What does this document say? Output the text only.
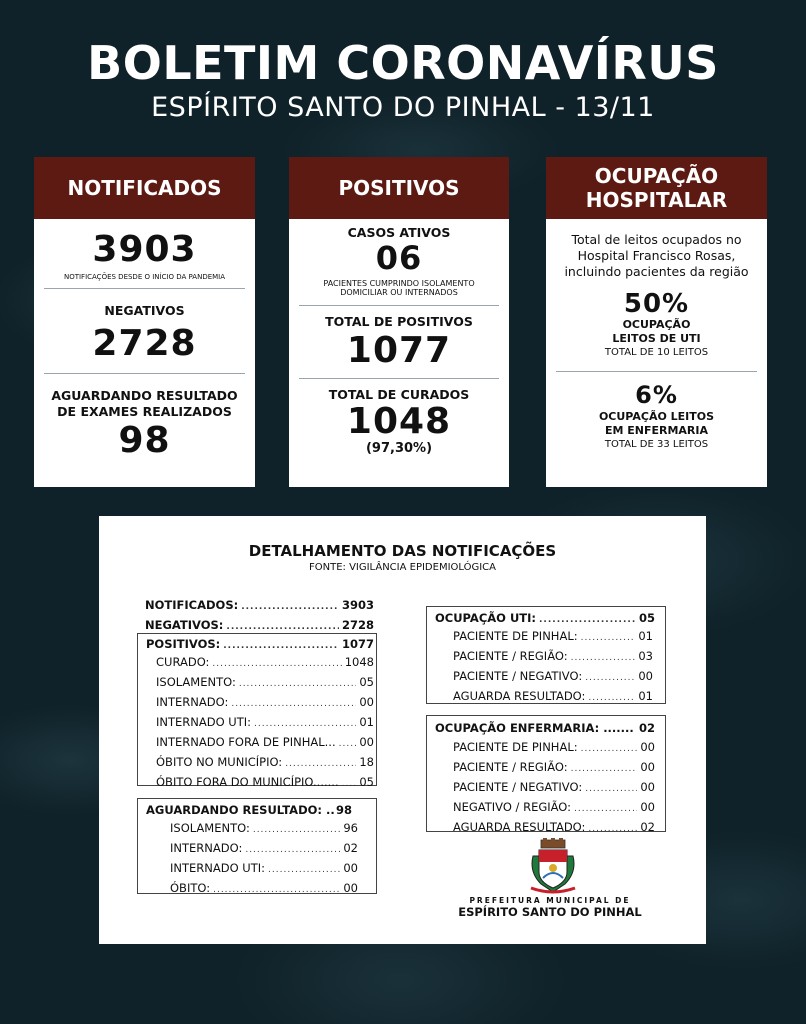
BOLETIM CORONAVÍRUS
ESPÍRITO SANTO DO PINHAL - 13/11
NOTIFICADOS
3903
NOTIFICAÇÕES DESDE O INÍCIO DA PANDEMIA
NEGATIVOS
2728
AGUARDANDO RESULTADO
DE EXAMES REALIZADOS
98
POSITIVOS
CASOS ATIVOS
06
PACIENTES CUMPRINDO ISOLAMENTO
DOMICILIAR OU INTERNADOS
TOTAL DE POSITIVOS
1077
TOTAL DE CURADOS
1048
(97,30%)
OCUPAÇÃO
HOSPITALAR
Total de leitos ocupados no
Hospital Francisco Rosas,
incluindo pacientes da região
50%
OCUPAÇÃO
LEITOS DE UTI
TOTAL DE 10 LEITOS
6%
OCUPAÇÃO LEITOS
EM ENFERMARIA
TOTAL DE 33 LEITOS
DETALHAMENTO DAS NOTIFICAÇÕES
FONTE: VIGILÂNCIA EPIDEMIOLÓGICA
NOTIFICADOS: .....	3903
NEGATIVOS: .....	2728
POSITIVOS: .....	1077
CURADO: .....	1048
ISOLAMENTO: .....	05
INTERNADO: .....	00
INTERNADO UTI: .....	01
INTERNADO FORA DE PINHAL... ..... 00
ÓBITO NO MUNICÍPIO: .....	18
ÓBITO FORA DO MUNICÍPIO....... ..... 05
AGUARDANDO RESULTADO: .. 98
ISOLAMENTO: .....	96
INTERNADO: .....	02
INTERNADO UTI: .....	00
ÓBITO: .....	00
OCUPAÇÃO UTI: .....	05
PACIENTE DE PINHAL: .....	01
PACIENTE / REGIÃO: .....	03
PACIENTE / NEGATIVO: .....	00
AGUARDA RESULTADO: .....	01
OCUPAÇÃO ENFERMARIA: ....... 02
PACIENTE DE PINHAL: .....	00
PACIENTE / REGIÃO: .....	00
PACIENTE / NEGATIVO: .....	00
NEGATIVO / REGIÃO: .....	00
AGUARDA RESULTADO: .....	02
PREFEITURA MUNICIPAL DE
ESPÍRITO SANTO DO PINHAL
